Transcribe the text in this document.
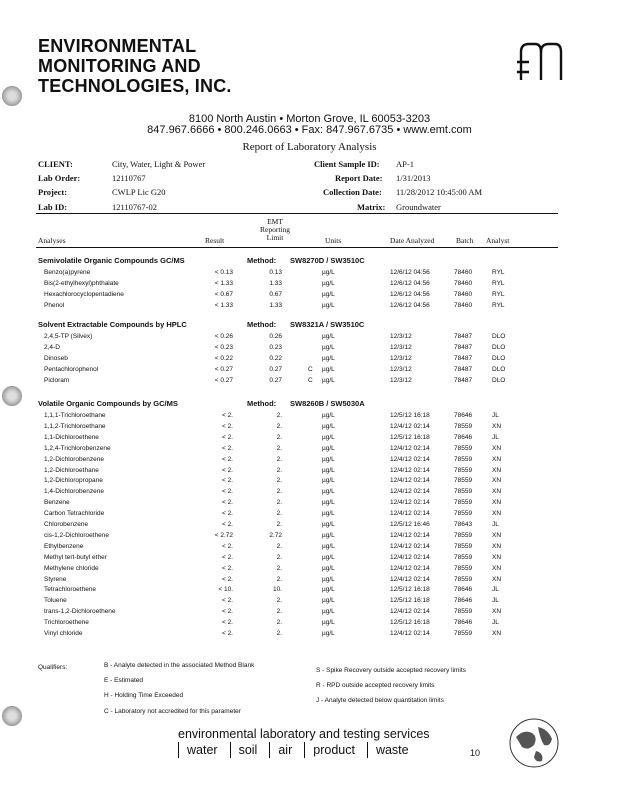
ENVIRONMENTAL
MONITORING AND
TECHNOLOGIES, INC.
8100 North Austin • Morton Grove, IL 60053-3203
847.967.6666 • 800.246.0663 • Fax: 847.967.6735 • www.emt.com
Report of Laboratory Analysis
CLIENT:	City, Water, Light & Power	Client Sample ID: AP-1
Lab Order:	12110767	Report Date: 1/31/2013
Project:	CWLP Lic G20	Collection Date: 11/28/2012 10:45:00 AM
Lab ID:	12110767-02	Matrix: Groundwater
Analyses	Result
EMT
Reporting
Limit	Units	Date Analyzed	Batch Analyst
Semivolatile Organic Compounds GC/MS	Method: SW8270D / SW3510C
Benzo(a)pyrene	< 0.13	0.13	µg/L	12/6/12 04:56	78460	RYL
Bis(2-ethylhexyl)phthalate	< 1.33	1.33	µg/L	12/6/12 04:56	78460	RYL
Hexachlorocyclopentadiene	< 0.67	0.67	µg/L	12/6/12 04:56	78460	RYL
Phenol	< 1.33	1.33	µg/L	12/6/12 04:56	78460	RYL
Solvent Extractable Compounds by HPLC	Method: SW8321A / SW3510C
2,4,5-TP (Silvex)	< 0.26	0.26	µg/L	12/3/12	78487	DLO
2,4-D	< 0.23	0.23	µg/L	12/3/12	78487	DLO
Dinoseb	< 0.22	0.22	µg/L	12/3/12	78487	DLO
Pentachlorophenol	< 0.27	0.27	C µg/L	12/3/12	78487	DLO
Picloram	< 0.27	0.27	C µg/L	12/3/12	78487	DLO
Volatile Organic Compounds by GC/MS	Method: SW8260B / SW5030A
1,1,1-Trichloroethane	< 2.	2.	µg/L	12/5/12 16:18	78646	JL
1,1,2-Trichloroethane	< 2.	2.	µg/L	12/4/12 02:14	78559	XN
1,1-Dichloroethene	< 2.	2.	µg/L	12/5/12 16:18	78646	JL
1,2,4-Trichlorobenzene	< 2.	2.	µg/L	12/4/12 02:14	78559	XN
1,2-Dichlorobenzene	< 2.	2.	µg/L	12/4/12 02:14	78559	XN
1,2-Dichloroethane	< 2.	2.	µg/L	12/4/12 02:14	78559	XN
1,2-Dichloropropane	< 2.	2.	µg/L	12/4/12 02:14	78559	XN
1,4-Dichlorobenzene	< 2.	2.	µg/L	12/4/12 02:14	78559	XN
Benzene	< 2.	2.	µg/L	12/4/12 02:14	78559	XN
Carbon Tetrachloride	< 2.	2.	µg/L	12/4/12 02:14	78559	XN
Chlorobenzene	< 2.	2.	µg/L	12/5/12 16:46	78643	JL
cis-1,2-Dichloroethene	< 2.72	2.72	µg/L	12/4/12 02:14	78559	XN
Ethylbenzene	< 2.	2.	µg/L	12/4/12 02:14	78559	XN
Methyl tert-butyl ether	< 2.	2.	µg/L	12/4/12 02:14	78559	XN
Methylene chloride	< 2.	2.	µg/L	12/4/12 02:14	78559	XN
Styrene	< 2.	2.	µg/L	12/4/12 02:14	78559	XN
Tetrachloroethene	< 10.	10.	µg/L	12/5/12 16:18	78646	JL
Toluene	< 2.	2.	µg/L	12/5/12 16:18	78646	JL
trans-1,2-Dichloroethene	< 2.	2.	µg/L	12/4/12 02:14	78559	XN
Trichloroethene	< 2.	2.	µg/L	12/5/12 16:18	78646	JL
Vinyl chloride	< 2.	2.	µg/L	12/4/12 02:14	78559	XN
Qualifiers:	B - Analyte detected in the associated Method Blank
E - Estimated
H - Holding Time Exceeded
C - Laboratory not accredited for this parameter
S - Spike Recovery outside accepted recovery limits
R - RPD outside accepted recovery limits
J - Analyte detected below quantitation limits
environmental laboratory and testing services
water	soil	air	product	waste	10
